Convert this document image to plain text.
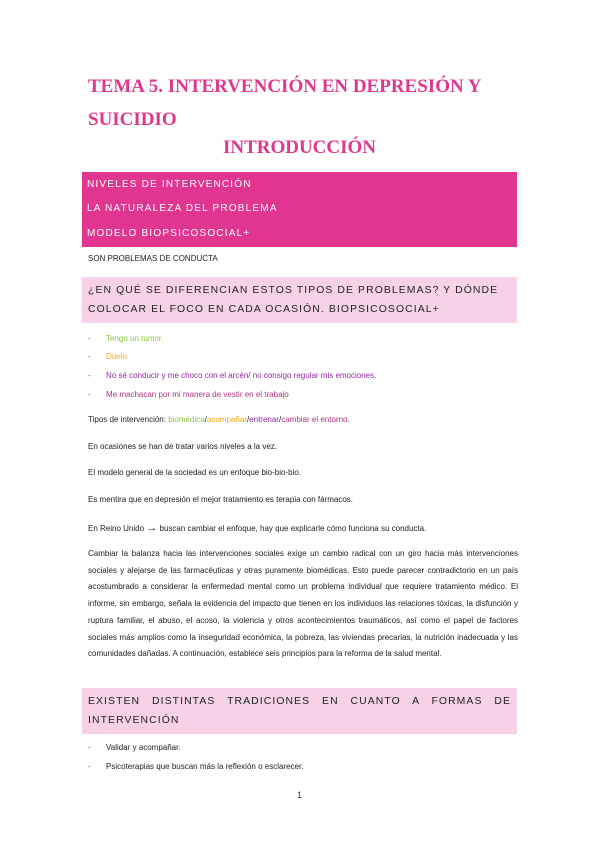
TEMA 5. INTERVENCIÓN EN DEPRESIÓN Y
SUICIDIO
INTRODUCCIÓN
NIVELES DE INTERVENCIÓN
LA NATURALEZA DEL PROBLEMA
MODELO BIOPSICOSOCIAL+
SON PROBLEMAS DE CONDUCTA
¿EN QUÉ SE DIFERENCIAN ESTOS TIPOS DE PROBLEMAS? Y DÓNDE
COLOCAR EL FOCO EN CADA OCASIÓN. BIOPSICOSOCIAL+
- Tengo un tumor.
- Duelo.
- No sé conducir y me choco con el arcén/ no consigo regular mis emociones.
- Me machacan por mi manera de vestir en el trabajo
Tipos de intervención: biomédica/acompañar/entrenar/cambiar el entorno.
En ocasiones se han de tratar varios niveles a la vez.
El modelo general de la sociedad es un enfoque bio-bio-bio.
Es mentira que en depresión el mejor tratamiento es terapia con fármacos.
En Reino Unido → buscan cambiar el enfoque, hay que explicarle cómo funciona su conducta.
Cambiar la balanza hacia las intervenciones sociales exige un cambio radical con un giro hacia más intervenciones sociales y alejarse de las farmacéuticas y otras puramente biomédicas. Esto puede parecer contradictorio en un país acostumbrado a considerar la enfermedad mental como un problema individual que requiere tratamiento médico. El informe, sin embargo, señala la evidencia del impacto que tienen en los individuos las relaciones tóxicas, la disfunción y ruptura familiar, el abuso, el acoso, la violencia y otros acontecimientos traumáticos, así como el papel de factores sociales más amplios como la inseguridad económica, la pobreza, las viviendas precarias, la nutrición inadecuada y las comunidades dañadas. A continuación, establece seis principios para la reforma de la salud mental.
EXISTEN DISTINTAS TRADICIONES EN CUANTO A FORMAS DE
INTERVENCIÓN
- Validar y acompañar.
- Psicoterapias que buscan más la reflexión o esclarecer.
1
